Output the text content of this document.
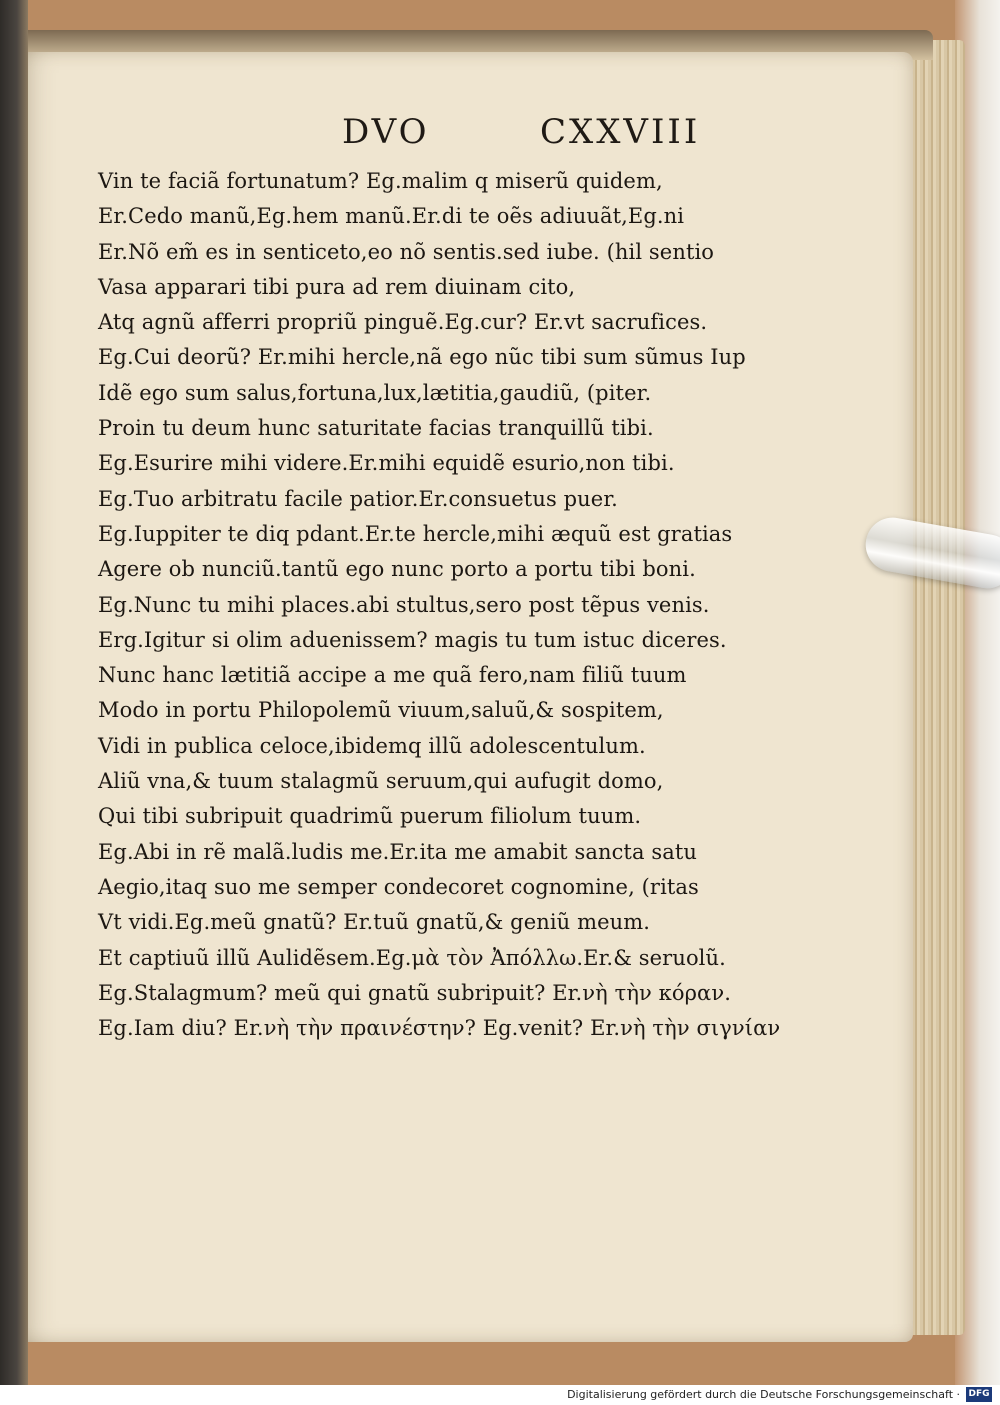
DVO	CXXVIII
Vin te faciã fortunatum? Eg.malim q miserũ quidem,
Er.Cedo manũ,Eg.hem manũ.Er.di te oẽs adiuuãt,Eg.ni
Er.Nõ em̃ es in senticeto,eo nõ sentis.sed iube. (hil sentio
Vasa apparari tibi pura ad rem diuinam cito,
Atq agnũ afferri propriũ pinguẽ.Eg.cur? Er.vt sacrufices.
Eg.Cui deorũ? Er.mihi hercle,nã ego nũc tibi sum sũmus Iup
Idẽ ego sum salus,fortuna,lux,lætitia,gaudiũ, (piter.
Proin tu deum hunc saturitate facias tranquillũ tibi.
Eg.Esurire mihi videre.Er.mihi equidẽ esurio,non tibi.
Eg.Tuo arbitratu facile patior.Er.consuetus puer.
Eg.Iuppiter te diq pdant.Er.te hercle,mihi æquũ est gratias
Agere ob nunciũ.tantũ ego nunc porto a portu tibi boni.
Eg.Nunc tu mihi places.abi stultus,sero post tẽpus venis.
Erg.Igitur si olim aduenissem? magis tu tum istuc diceres.
Nunc hanc lætitiã accipe a me quã fero,nam filiũ tuum
Modo in portu Philopolemũ viuum,saluũ,& sospitem,
Vidi in publica celoce,ibidemq illũ adolescentulum.
Aliũ vna,& tuum stalagmũ seruum,qui aufugit domo,
Qui tibi subripuit quadrimũ puerum filiolum tuum.
Eg.Abi in rẽ malã.ludis me.Er.ita me amabit sancta satu
Aegio,itaq suo me semper condecoret cognomine, (ritas
Vt vidi.Eg.meũ gnatũ? Er.tuũ gnatũ,& geniũ meum.
Et captiuũ illũ Aulidẽsem.Eg.μὰ τὸν Ἀπόλλω.Er.& seruolũ.
Eg.Stalagmum? meũ qui gnatũ subripuit? Er.νὴ τὴν κόραν.
Eg.Iam diu? Er.νὴ τὴν πραινέστην? Eg.venit? Er.νὴ τὴν σιγνίαν
Digitalisierung gefördert durch die Deutsche Forschungsgemeinschaft · DFG
